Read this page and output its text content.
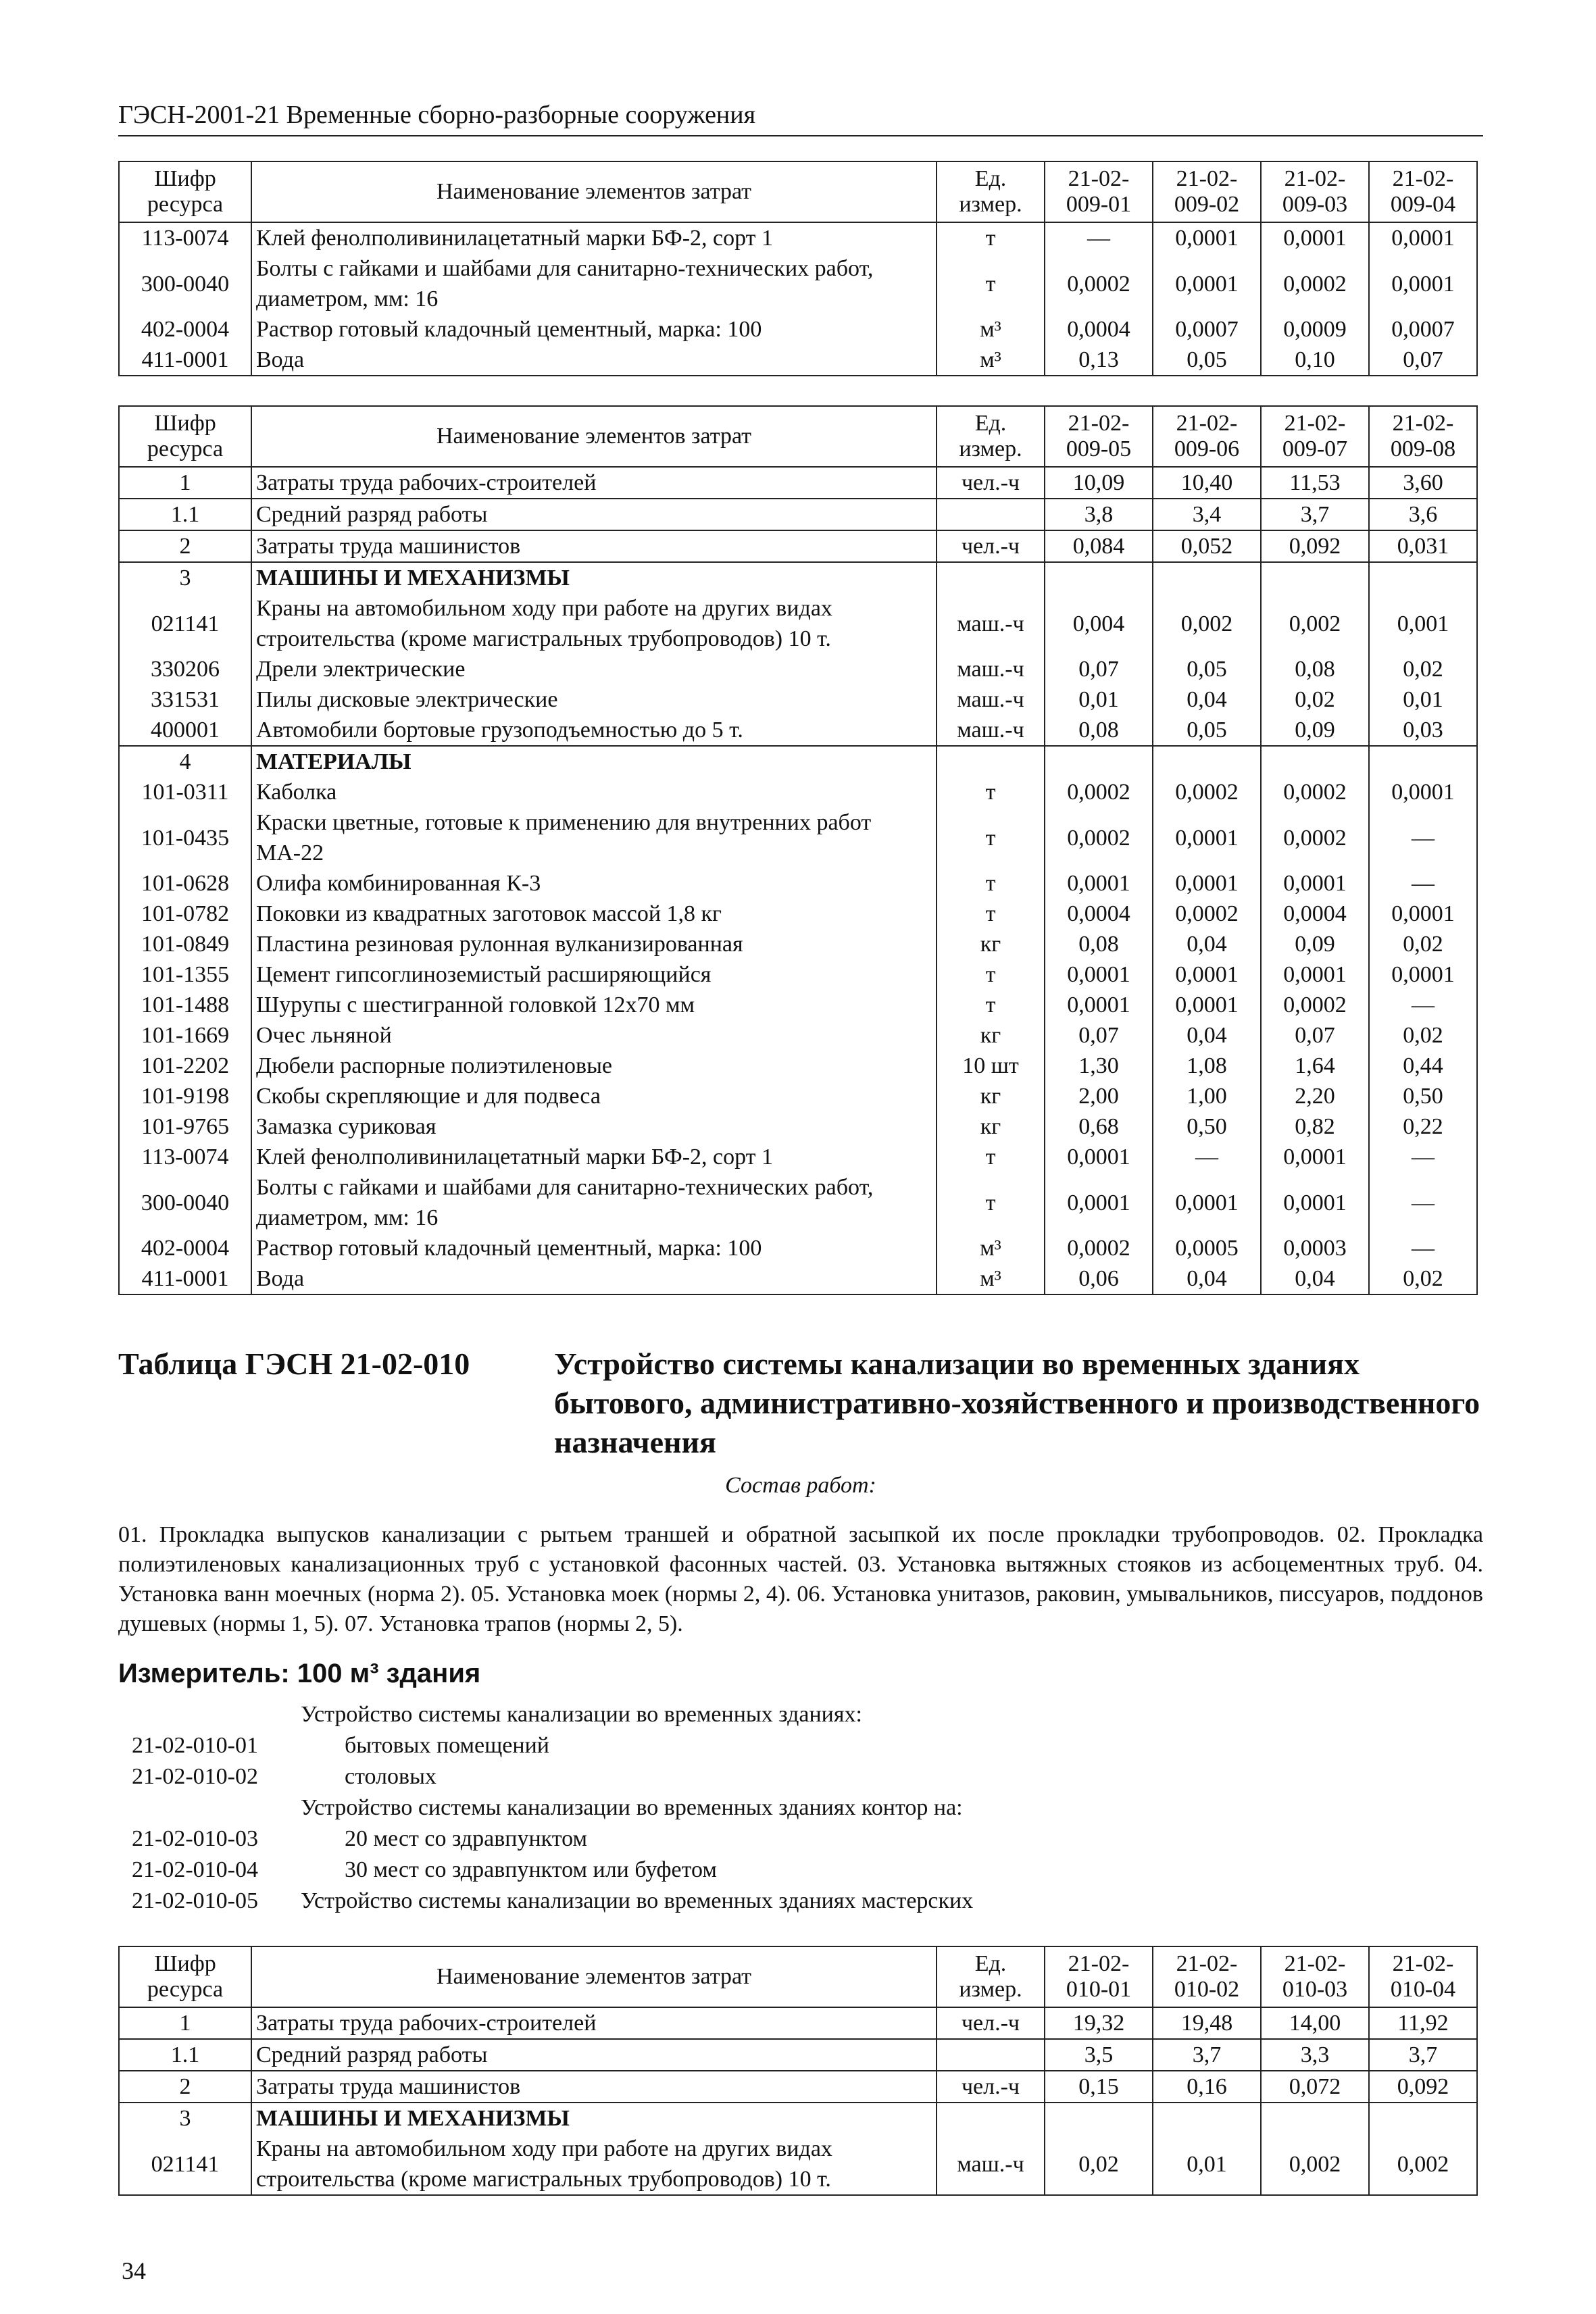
ГЭСН-2001-21 Временные сборно-разборные сооружения
Шифр ресурса	Наименование элементов затрат	Ед. измер.	21-02-009-01	21-02-009-02	21-02-009-03	21-02-009-04
113-0074	Клей фенолполивинилацетатный марки БФ-2, сорт 1	т	—	0,0001	0,0001	0,0001
300-0040	Болты с гайками и шайбами для санитарно-технических работ, диаметром, мм: 16	т	0,0002	0,0001	0,0002	0,0001
402-0004	Раствор готовый кладочный цементный, марка: 100	м³	0,0004	0,0007	0,0009	0,0007
411-0001	Вода	м³	0,13	0,05	0,10	0,07
Шифр ресурса	Наименование элементов затрат	Ед. измер.	21-02-009-05	21-02-009-06	21-02-009-07	21-02-009-08
1	Затраты труда рабочих-строителей	чел.-ч	10,09	10,40	11,53	3,60
1.1	Средний разряд работы		3,8	3,4	3,7	3,6
2	Затраты труда машинистов	чел.-ч	0,084	0,052	0,092	0,031
3	МАШИНЫ И МЕХАНИЗМЫ					
021141	Краны на автомобильном ходу при работе на других видах строительства (кроме магистральных трубопроводов) 10 т.	маш.-ч	0,004	0,002	0,002	0,001
330206	Дрели электрические	маш.-ч	0,07	0,05	0,08	0,02
331531	Пилы дисковые электрические	маш.-ч	0,01	0,04	0,02	0,01
400001	Автомобили бортовые грузоподъемностью до 5 т.	маш.-ч	0,08	0,05	0,09	0,03
4	МАТЕРИАЛЫ					
101-0311	Каболка	т	0,0002	0,0002	0,0002	0,0001
101-0435	Краски цветные, готовые к применению для внутренних работ МА-22	т	0,0002	0,0001	0,0002	—
101-0628	Олифа комбинированная К-3	т	0,0001	0,0001	0,0001	—
101-0782	Поковки из квадратных заготовок массой 1,8 кг	т	0,0004	0,0002	0,0004	0,0001
101-0849	Пластина резиновая рулонная вулканизированная	кг	0,08	0,04	0,09	0,02
101-1355	Цемент гипсоглиноземистый расширяющийся	т	0,0001	0,0001	0,0001	0,0001
101-1488	Шурупы с шестигранной головкой 12х70 мм	т	0,0001	0,0001	0,0002	—
101-1669	Очес льняной	кг	0,07	0,04	0,07	0,02
101-2202	Дюбели распорные полиэтиленовые	10 шт	1,30	1,08	1,64	0,44
101-9198	Скобы скрепляющие и для подвеса	кг	2,00	1,00	2,20	0,50
101-9765	Замазка суриковая	кг	0,68	0,50	0,82	0,22
113-0074	Клей фенолполивинилацетатный марки БФ-2, сорт 1	т	0,0001	—	0,0001	—
300-0040	Болты с гайками и шайбами для санитарно-технических работ, диаметром, мм: 16	т	0,0001	0,0001	0,0001	—
402-0004	Раствор готовый кладочный цементный, марка: 100	м³	0,0002	0,0005	0,0003	—
411-0001	Вода	м³	0,06	0,04	0,04	0,02
Таблица ГЭСН 21-02-010	Устройство системы канализации во временных зданиях бытового, административно-хозяйственного и производственного назначения
Состав работ:
01. Прокладка выпусков канализации с рытьем траншей и обратной засыпкой их после прокладки трубопроводов. 02. Прокладка полиэтиленовых канализационных труб с установкой фасонных частей. 03. Установка вытяжных стояков из асбоцементных труб. 04. Установка ванн моечных (норма 2). 05. Установка моек (нормы 2, 4). 06. Установка унитазов, раковин, умывальников, писсуаров, поддонов душевых (нормы 1, 5). 07. Установка трапов (нормы 2, 5).
Измеритель: 100 м³ здания
Устройство системы канализации во временных зданиях:
21-02-010-01	бытовых помещений
21-02-010-02	столовых
Устройство системы канализации во временных зданиях контор на:
21-02-010-03	20 мест со здравпунктом
21-02-010-04	30 мест со здравпунктом или буфетом
21-02-010-05 Устройство системы канализации во временных зданиях мастерских
Шифр ресурса	Наименование элементов затрат	Ед. измер.	21-02-010-01	21-02-010-02	21-02-010-03	21-02-010-04
1	Затраты труда рабочих-строителей	чел.-ч	19,32	19,48	14,00	11,92
1.1	Средний разряд работы		3,5	3,7	3,3	3,7
2	Затраты труда машинистов	чел.-ч	0,15	0,16	0,072	0,092
3	МАШИНЫ И МЕХАНИЗМЫ					
021141	Краны на автомобильном ходу при работе на других видах строительства (кроме магистральных трубопроводов) 10 т.	маш.-ч	0,02	0,01	0,002	0,002
34
